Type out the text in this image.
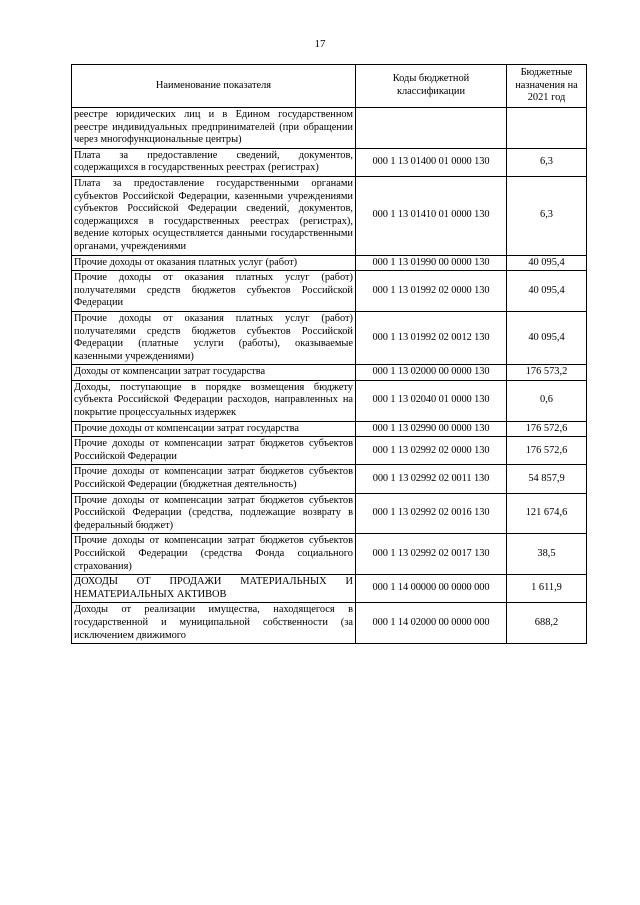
17
Наименование показателя	Коды бюджетной классификации	Бюджетные назначения на 2021 год
реестре юридических лиц и в Едином государственном реестре индивидуальных предпринимателей (при обращении через многофункциональные центры)		
Плата за предоставление сведений, документов, содержащихся в государственных реестрах (регистрах)	000 1 13 01400 01 0000 130	6,3
Плата за предоставление государственными органами субъектов Российской Федерации, казенными учреждениями субъектов Российской Федерации сведений, документов, содержащихся в государственных реестрах (регистрах), ведение которых осуществляется данными государственными органами, учреждениями	000 1 13 01410 01 0000 130	6,3
Прочие доходы от оказания платных услуг (работ)	000 1 13 01990 00 0000 130	40 095,4
Прочие доходы от оказания платных услуг (работ) получателями средств бюджетов субъектов Российской Федерации	000 1 13 01992 02 0000 130	40 095,4
Прочие доходы от оказания платных услуг (работ) получателями средств бюджетов субъектов Российской Федерации (платные услуги (работы), оказываемые казенными учреждениями)	000 1 13 01992 02 0012 130	40 095,4
Доходы от компенсации затрат государства	000 1 13 02000 00 0000 130	176 573,2
Доходы, поступающие в порядке возмещения бюджету субъекта Российской Федерации расходов, направленных на покрытие процессуальных издержек	000 1 13 02040 01 0000 130	0,6
Прочие доходы от компенсации затрат государства	000 1 13 02990 00 0000 130	176 572,6
Прочие доходы от компенсации затрат бюджетов субъектов Российской Федерации	000 1 13 02992 02 0000 130	176 572,6
Прочие доходы от компенсации затрат бюджетов субъектов Российской Федерации (бюджетная деятельность)	000 1 13 02992 02 0011 130	54 857,9
Прочие доходы от компенсации затрат бюджетов субъектов Российской Федерации (средства, подлежащие возврату в федеральный бюджет)	000 1 13 02992 02 0016 130	121 674,6
Прочие доходы от компенсации затрат бюджетов субъектов Российской Федерации (средства Фонда социального страхования)	000 1 13 02992 02 0017 130	38,5
ДОХОДЫ ОТ ПРОДАЖИ МАТЕРИАЛЬНЫХ И НЕМАТЕРИАЛЬНЫХ АКТИВОВ	000 1 14 00000 00 0000 000	1 611,9
Доходы от реализации имущества, находящегося в государственной и муниципальной собственности (за исключением движимого	000 1 14 02000 00 0000 000	688,2
